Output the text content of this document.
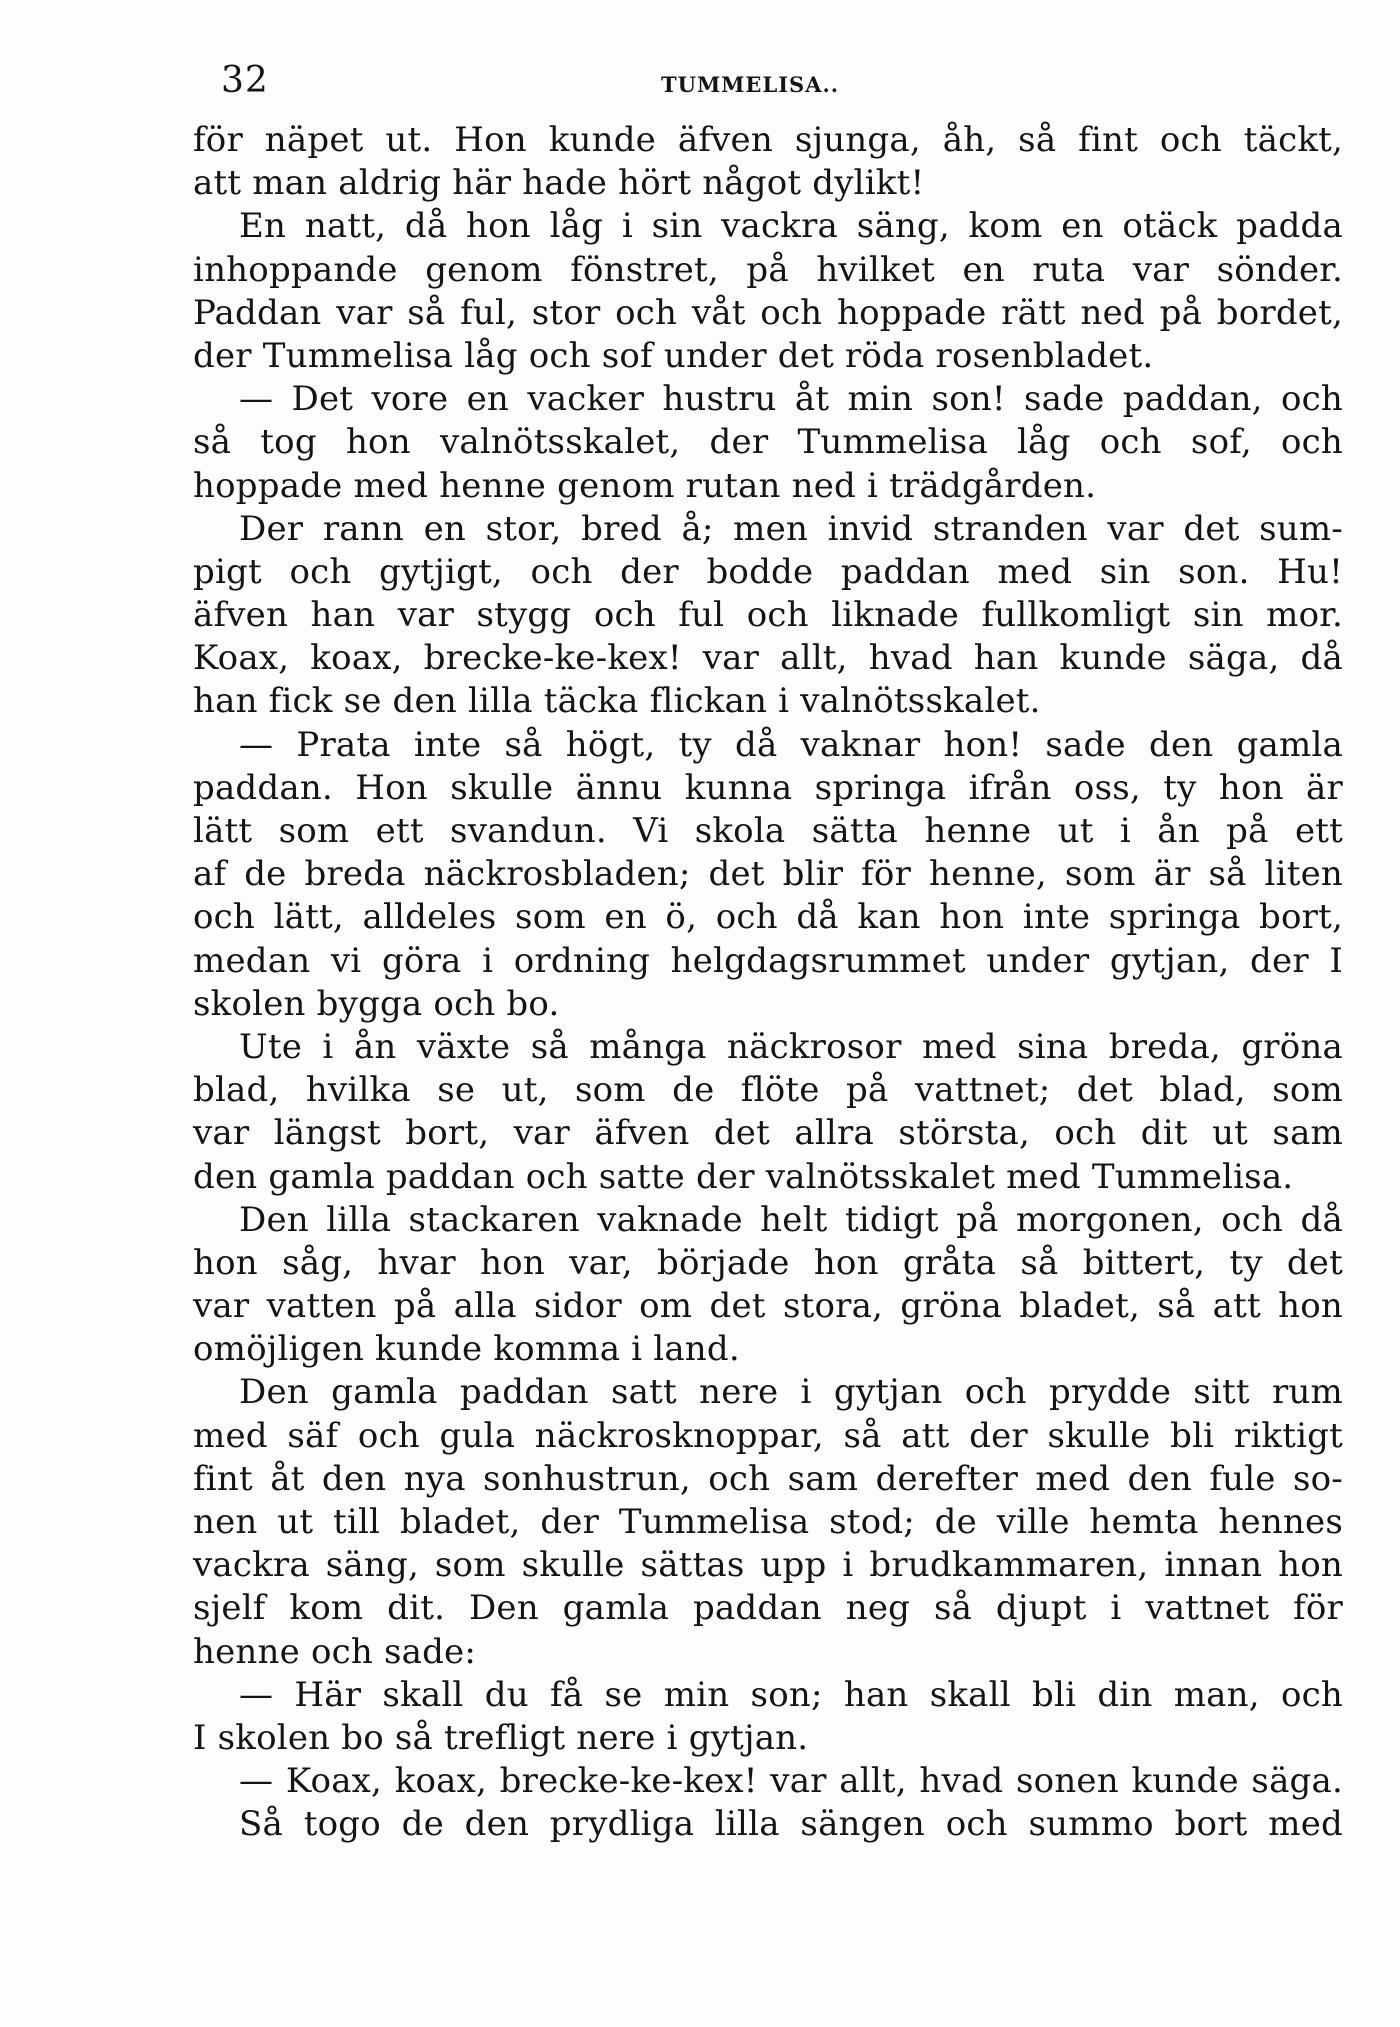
32	TUMMELISA..
för näpet ut. Hon kunde äfven sjunga, åh, så fint och täckt,
att man aldrig här hade hört något dylikt!
En natt, då hon låg i sin vackra säng, kom en otäck padda
inhoppande genom fönstret, på hvilket en ruta var sönder.
Paddan var så ful, stor och våt och hoppade rätt ned på bordet,
der Tummelisa låg och sof under det röda rosenbladet.
— Det vore en vacker hustru åt min son! sade paddan, och
så tog hon valnötsskalet, der Tummelisa låg och sof, och
hoppade med henne genom rutan ned i trädgården.
Der rann en stor, bred å; men invid stranden var det sum-
pigt och gytjigt, och der bodde paddan med sin son. Hu!
äfven han var stygg och ful och liknade fullkomligt sin mor.
Koax, koax, brecke-ke-kex! var allt, hvad han kunde säga, då
han fick se den lilla täcka flickan i valnötsskalet.
— Prata inte så högt, ty då vaknar hon! sade den gamla
paddan. Hon skulle ännu kunna springa ifrån oss, ty hon är
lätt som ett svandun. Vi skola sätta henne ut i ån på ett
af de breda näckrosbladen; det blir för henne, som är så liten
och lätt, alldeles som en ö, och då kan hon inte springa bort,
medan vi göra i ordning helgdagsrummet under gytjan, der I
skolen bygga och bo.
Ute i ån växte så många näckrosor med sina breda, gröna
blad, hvilka se ut, som de flöte på vattnet; det blad, som
var längst bort, var äfven det allra största, och dit ut sam
den gamla paddan och satte der valnötsskalet med Tummelisa.
Den lilla stackaren vaknade helt tidigt på morgonen, och då
hon såg, hvar hon var, började hon gråta så bittert, ty det
var vatten på alla sidor om det stora, gröna bladet, så att hon
omöjligen kunde komma i land.
Den gamla paddan satt nere i gytjan och prydde sitt rum
med säf och gula näckrosknoppar, så att der skulle bli riktigt
fint åt den nya sonhustrun, och sam derefter med den fule so-
nen ut till bladet, der Tummelisa stod; de ville hemta hennes
vackra säng, som skulle sättas upp i brudkammaren, innan hon
sjelf kom dit. Den gamla paddan neg så djupt i vattnet för
henne och sade:
— Här skall du få se min son; han skall bli din man, och
I skolen bo så trefligt nere i gytjan.
— Koax, koax, brecke-ke-kex! var allt, hvad sonen kunde säga.
Så togo de den prydliga lilla sängen och summo bort med
